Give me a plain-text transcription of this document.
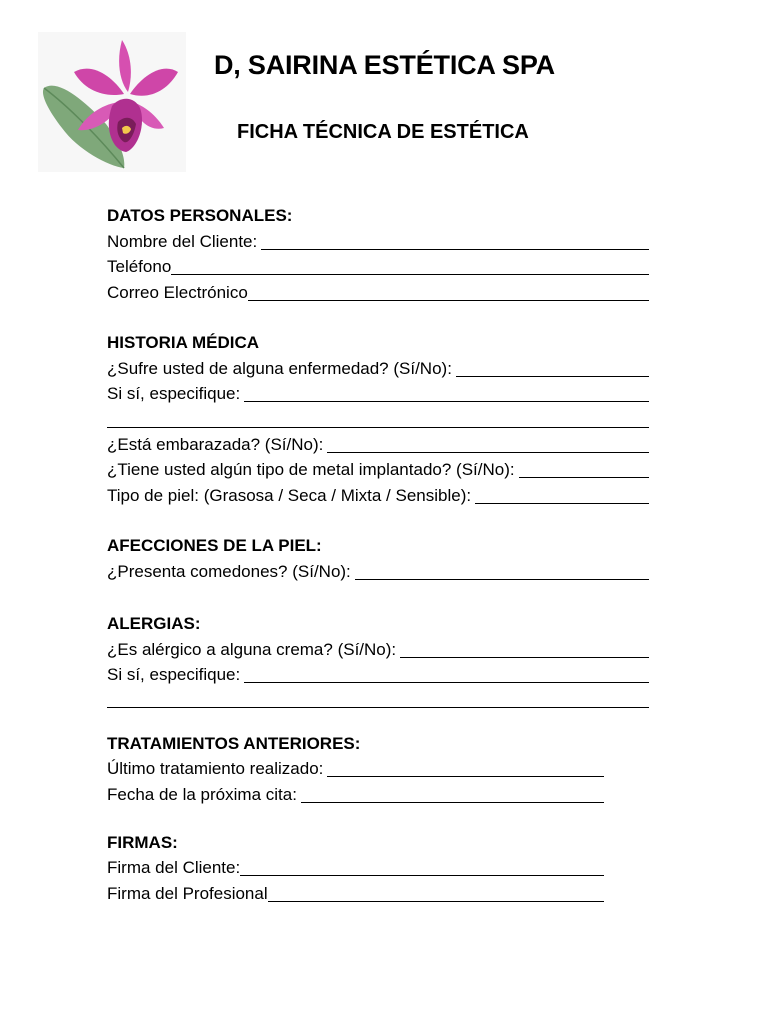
D, SAIRINA ESTÉTICA SPA
FICHA TÉCNICA DE ESTÉTICA
DATOS PERSONALES:
Nombre del Cliente:
Teléfono
Correo Electrónico
HISTORIA MÉDICA
¿Sufre usted de alguna enfermedad? (Sí/No):
Si sí, especifique:
¿Está embarazada? (Sí/No):
¿Tiene usted algún tipo de metal implantado? (Sí/No):
Tipo de piel: (Grasosa / Seca / Mixta / Sensible):
AFECCIONES DE LA PIEL:
¿Presenta comedones? (Sí/No):
ALERGIAS:
¿Es alérgico a alguna crema? (Sí/No):
Si sí, especifique:
TRATAMIENTOS ANTERIORES:
Último tratamiento realizado:
Fecha de la próxima cita:
FIRMAS:
Firma del Cliente:
Firma del Profesional
